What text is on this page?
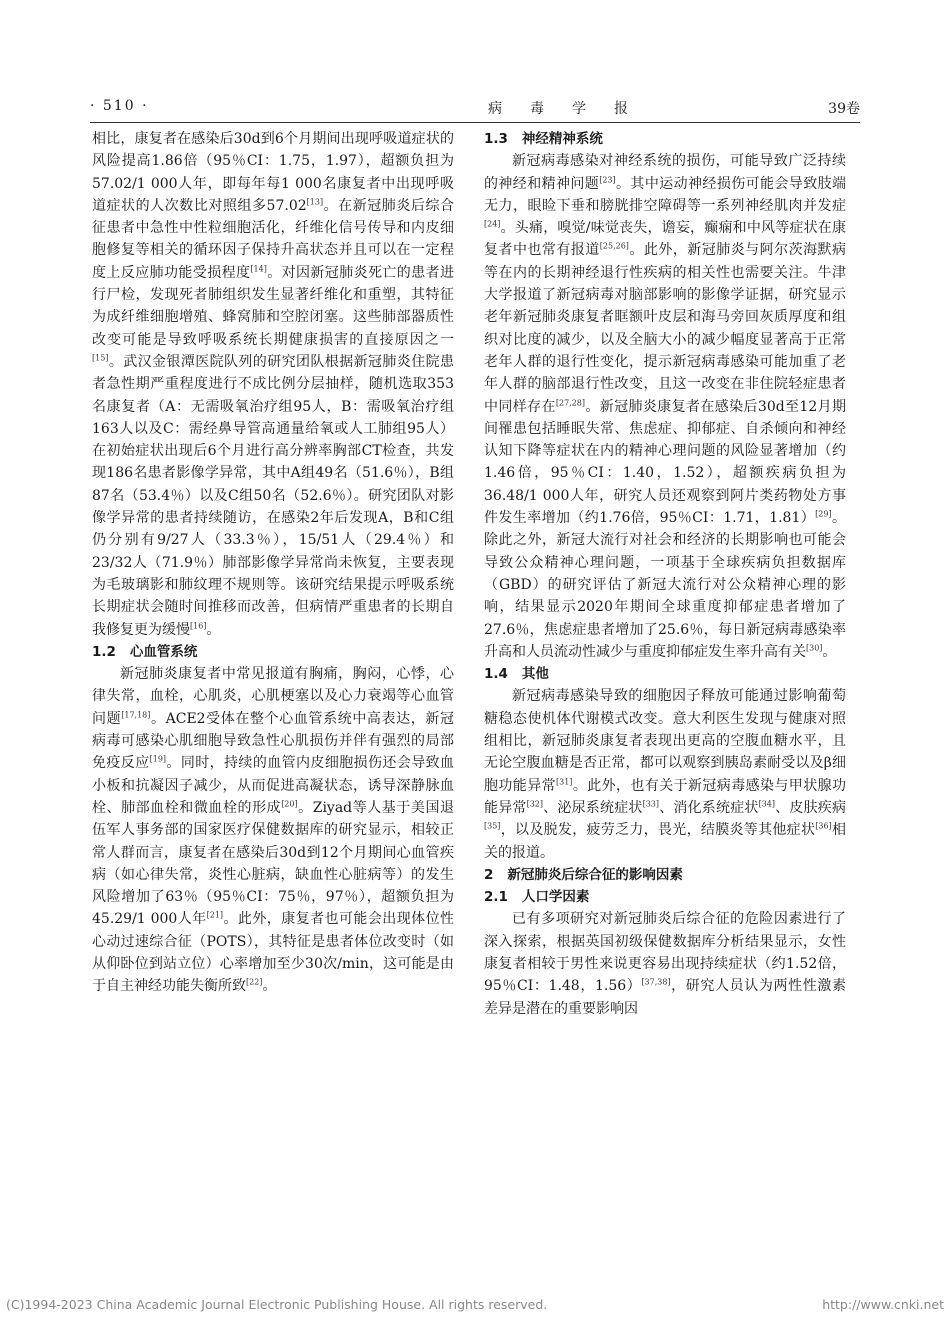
· 510 ·	病毒学报	39卷

相比，康复者在感染后30d到6个月期间出现呼吸道症状的风险提高1.86倍（95％CI：1.75，1.97），超额负担为57.02/1 000人年，即每年每1 000名康复者中出现呼吸道症状的人次数比对照组多57.02[13]。在新冠肺炎后综合征患者中急性中性粒细胞活化，纤维化信号传导和内皮细胞修复等相关的循环因子保持升高状态并且可以在一定程度上反应肺功能受损程度[14]。对因新冠肺炎死亡的患者进行尸检，发现死者肺组织发生显著纤维化和重塑，其特征为成纤维细胞增殖、蜂窝肺和空腔闭塞。这些肺部器质性改变可能是导致呼吸系统长期健康损害的直接原因之一[15]。武汉金银潭医院队列的研究团队根据新冠肺炎住院患者急性期严重程度进行不成比例分层抽样，随机选取353名康复者（A：无需吸氧治疗组95人，B：需吸氧治疗组163人以及C：需经鼻导管高通量给氧或人工肺组95人）在初始症状出现后6个月进行高分辨率胸部CT检查，共发现186名患者影像学异常，其中A组49名（51.6％），B组87名（53.4％）以及C组50名（52.6％）。研究团队对影像学异常的患者持续随访，在感染2年后发现A，B和C组仍分别有9/27人（33.3％），15/51人（29.4％）和23/32人（71.9％）肺部影像学异常尚未恢复，主要表现为毛玻璃影和肺纹理不规则等。该研究结果提示呼吸系统长期症状会随时间推移而改善，但病情严重患者的长期自我修复更为缓慢[16]。

1.2 心血管系统

新冠肺炎康复者中常见报道有胸痛，胸闷，心悸，心律失常，血栓，心肌炎，心肌梗塞以及心力衰竭等心血管问题[17,18]。ACE2受体在整个心血管系统中高表达，新冠病毒可感染心肌细胞导致急性心肌损伤并伴有强烈的局部免疫反应[19]。同时，持续的血管内皮细胞损伤还会导致血小板和抗凝因子减少，从而促进高凝状态，诱导深静脉血栓、肺部血栓和微血栓的形成[20]。Ziyad等人基于美国退伍军人事务部的国家医疗保健数据库的研究显示，相较正常人群而言，康复者在感染后30d到12个月期间心血管疾病（如心律失常，炎性心脏病，缺血性心脏病等）的发生风险增加了63％（95％CI：75％，97％），超额负担为45.29/1 000人年[21]。此外，康复者也可能会出现体位性心动过速综合征（POTS），其特征是患者体位改变时（如从仰卧位到站立位）心率增加至少30次/min，这可能是由于自主神经功能失衡所致[22]。

1.3 神经精神系统

新冠病毒感染对神经系统的损伤，可能导致广泛持续的神经和精神问题[23]。其中运动神经损伤可能会导致肢端无力，眼睑下垂和膀胱排空障碍等一系列神经肌肉并发症[24]。头痛，嗅觉/味觉丧失，谵妄，癫痫和中风等症状在康复者中也常有报道[25,26]。此外，新冠肺炎与阿尔茨海默病等在内的长期神经退行性疾病的相关性也需要关注。牛津大学报道了新冠病毒对脑部影响的影像学证据，研究显示老年新冠肺炎康复者眶额叶皮层和海马旁回灰质厚度和组织对比度的减少，以及全脑大小的减少幅度显著高于正常老年人群的退行性变化，提示新冠病毒感染可能加重了老年人群的脑部退行性改变，且这一改变在非住院轻症患者中同样存在[27,28]。新冠肺炎康复者在感染后30d至12月期间罹患包括睡眠失常、焦虑症、抑郁症、自杀倾向和神经认知下降等症状在内的精神心理问题的风险显著增加（约1.46倍，95％CI：1.40，1.52），超额疾病负担为36.48/1 000人年，研究人员还观察到阿片类药物处方事件发生率增加（约1.76倍，95％CI：1.71，1.81）[29]。除此之外，新冠大流行对社会和经济的长期影响也可能会导致公众精神心理问题，一项基于全球疾病负担数据库（GBD）的研究评估了新冠大流行对公众精神心理的影响，结果显示2020年期间全球重度抑郁症患者增加了27.6％，焦虑症患者增加了25.6％，每日新冠病毒感染率升高和人员流动性减少与重度抑郁症发生率升高有关[30]。

1.4 其他

新冠病毒感染导致的细胞因子释放可能通过影响葡萄糖稳态使机体代谢模式改变。意大利医生发现与健康对照组相比，新冠肺炎康复者表现出更高的空腹血糖水平，且无论空腹血糖是否正常，都可以观察到胰岛素耐受以及β细胞功能异常[31]。此外，也有关于新冠病毒感染与甲状腺功能异常[32]、泌尿系统症状[33]、消化系统症状[34]、皮肤疾病[35]，以及脱发，疲劳乏力，畏光，结膜炎等其他症状[36]相关的报道。

2 新冠肺炎后综合征的影响因素
2.1 人口学因素

已有多项研究对新冠肺炎后综合征的危险因素进行了深入探索，根据英国初级保健数据库分析结果显示，女性康复者相较于男性来说更容易出现持续症状（约1.52倍，95％CI：1.48，1.56）[37,38]，研究人员认为两性性激素差异是潜在的重要影响因

(C)1994-2023 China Academic Journal Electronic Publishing House. All rights reserved.	http://www.cnki.net
